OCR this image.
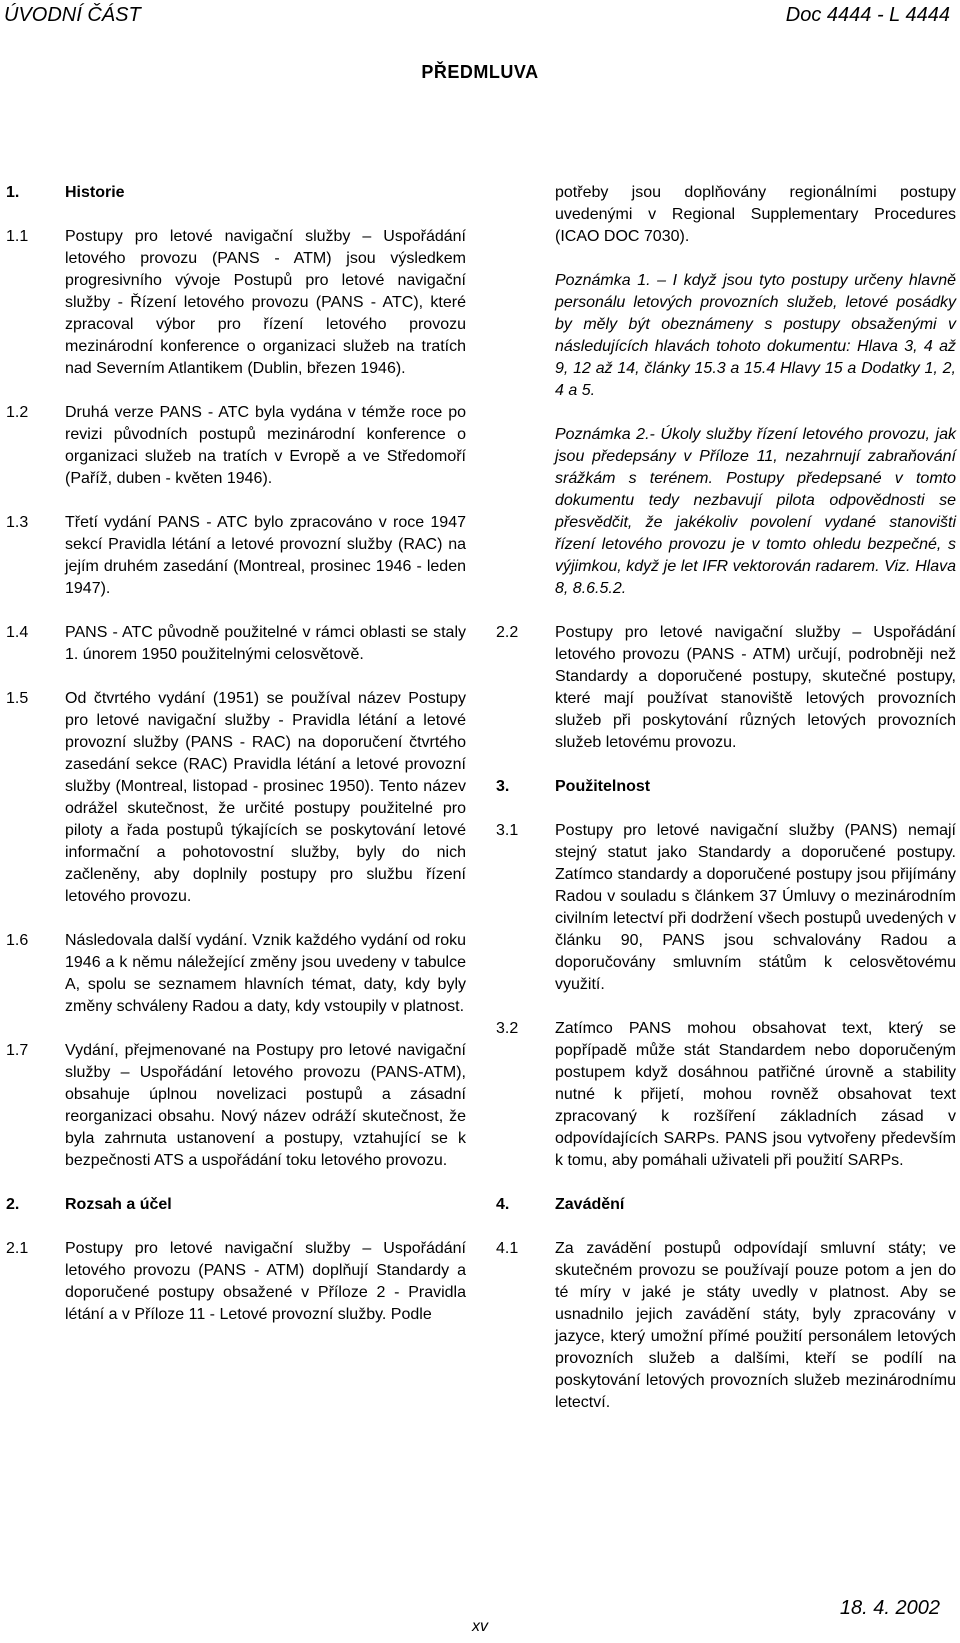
ÚVODNÍ ČÁST	Doc 4444 - L 4444
PŘEDMLUVA
1.	Historie
1.1	Postupy pro letové navigační služby – Uspořádání letového provozu (PANS - ATM) jsou výsledkem progresivního vývoje Postupů pro letové navigační služby - Řízení letového provozu (PANS - ATC), které zpracoval výbor pro řízení letového provozu mezinárodní konference o organizaci služeb na tratích nad Severním Atlantikem (Dublin, březen 1946).
1.2	Druhá verze PANS - ATC byla vydána v témže roce po revizi původních postupů mezinárodní konference o organizaci služeb na tratích v Evropě a ve Středomoří (Paříž, duben - květen 1946).
1.3	Třetí vydání PANS - ATC bylo zpracováno v roce 1947 sekcí Pravidla létání a letové provozní služby (RAC) na jejím druhém zasedání (Montreal, prosinec 1946 - leden 1947).
1.4	PANS - ATC původně použitelné v rámci oblasti se staly 1. únorem 1950 použitelnými celosvětově.
1.5	Od čtvrtého vydání (1951) se používal název Postupy pro letové navigační služby - Pravidla létání a letové provozní služby (PANS - RAC) na doporučení čtvrtého zasedání sekce (RAC) Pravidla létání a letové provozní služby (Montreal, listopad - prosinec 1950). Tento název odrážel skutečnost, že určité postupy použitelné pro piloty a řada postupů týkajících se poskytování letové informační a pohotovostní služby, byly do nich začleněny, aby doplnily postupy pro službu řízení letového provozu.
1.6	Následovala další vydání. Vznik každého vydání od roku 1946 a k němu náležející změny jsou uvedeny v tabulce A, spolu se seznamem hlavních témat, daty, kdy byly změny schváleny Radou a daty, kdy vstoupily v platnost.
1.7	Vydání, přejmenované na Postupy pro letové navigační služby – Uspořádání letového provozu (PANS-ATM), obsahuje úplnou novelizaci postupů a zásadní reorganizaci obsahu. Nový název odráží skutečnost, že byla zahrnuta ustanovení a postupy, vztahující se k bezpečnosti ATS a uspořádání toku letového provozu.
2.	Rozsah a účel
2.1	Postupy pro letové navigační služby – Uspořádání letového provozu (PANS - ATM) doplňují Standardy a doporučené postupy obsažené v Příloze 2 - Pravidla létání a v Příloze 11 - Letové provozní služby. Podle
potřeby jsou doplňovány regionálními postupy uvedenými v Regional Supplementary Procedures (ICAO DOC 7030).
Poznámka 1. – I když jsou tyto postupy určeny hlavně personálu letových provozních služeb, letové posádky by měly být obeznámeny s postupy obsaženými v následujících hlavách tohoto dokumentu: Hlava 3, 4 až 9, 12 až 14, články 15.3 a 15.4 Hlavy 15 a Dodatky 1, 2, 4 a 5.
Poznámka 2.- Úkoly služby řízení letového provozu, jak jsou předepsány v Příloze 11, nezahrnují zabraňování srážkám s terénem. Postupy předepsané v tomto dokumentu tedy nezbavují pilota odpovědnosti se přesvědčit, že jakékoliv povolení vydané stanovišti řízení letového provozu je v tomto ohledu bezpečné, s výjimkou, když je let IFR vektorován radarem. Viz. Hlava 8, 8.6.5.2.
2.2	Postupy pro letové navigační služby – Uspořádání letového provozu (PANS - ATM) určují, podrobněji než Standardy a doporučené postupy, skutečné postupy, které mají používat stanoviště letových provozních služeb při poskytování různých letových provozních služeb letovému provozu.
3.	Použitelnost
3.1	Postupy pro letové navigační služby (PANS) nemají stejný statut jako Standardy a doporučené postupy. Zatímco standardy a doporučené postupy jsou přijímány Radou v souladu s článkem 37 Úmluvy o mezinárodním civilním letectví při dodržení všech postupů uvedených v článku 90, PANS jsou schvalovány Radou a doporučovány smluvním státům k celosvětovému využití.
3.2	Zatímco PANS mohou obsahovat text, který se popřípadě může stát Standardem nebo doporučeným postupem když dosáhnou patřičné úrovně a stability nutné k přijetí, mohou rovněž obsahovat text zpracovaný k rozšíření základních zásad v odpovídajících SARPs. PANS jsou vytvořeny především k tomu, aby pomáhali uživateli při použití SARPs.
4.	Zavádění
4.1	Za zavádění postupů odpovídají smluvní státy; ve skutečném provozu se používají pouze potom a jen do té míry v jaké je státy uvedly v platnost. Aby se usnadnilo jejich zavádění státy, byly zpracovány v jazyce, který umožní přímé použití personálem letových provozních služeb a dalšími, kteří se podílí na poskytování letových provozních služeb mezinárodnímu letectví.
xv
18. 4. 2002
